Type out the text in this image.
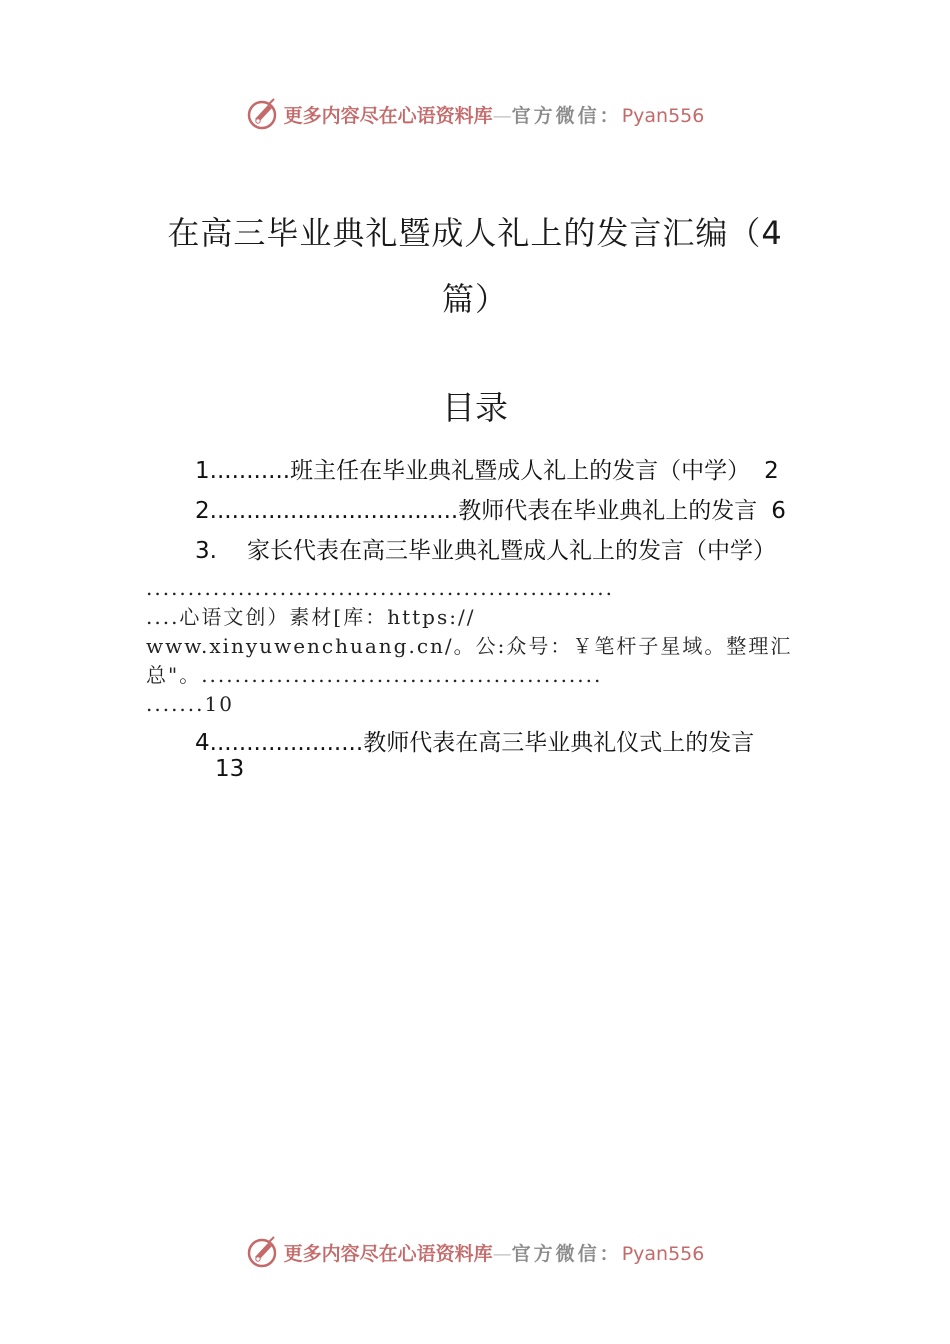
更多内容尽在心语资料库—官方微信：Pyan556
在高三毕业典礼暨成人礼上的发言汇编（4
篇）
目录
1 ........... 班主任在毕业典礼暨成人礼上的发言（中学） 2
2 .................................. 教师代表在毕业典礼上的发言 6
3.	家长代表在高三毕业典礼暨成人礼上的发言（中学）
........................................................
....心语文创）素材[库：https://
www.xinyuwenchuang.cn/。公:众号：￥笔杆子星域。整理汇
总"。................................................
.......10
4 ..................... 教师代表在高三毕业典礼仪式上的发言
13
更多内容尽在心语资料库—官方微信：Pyan556
